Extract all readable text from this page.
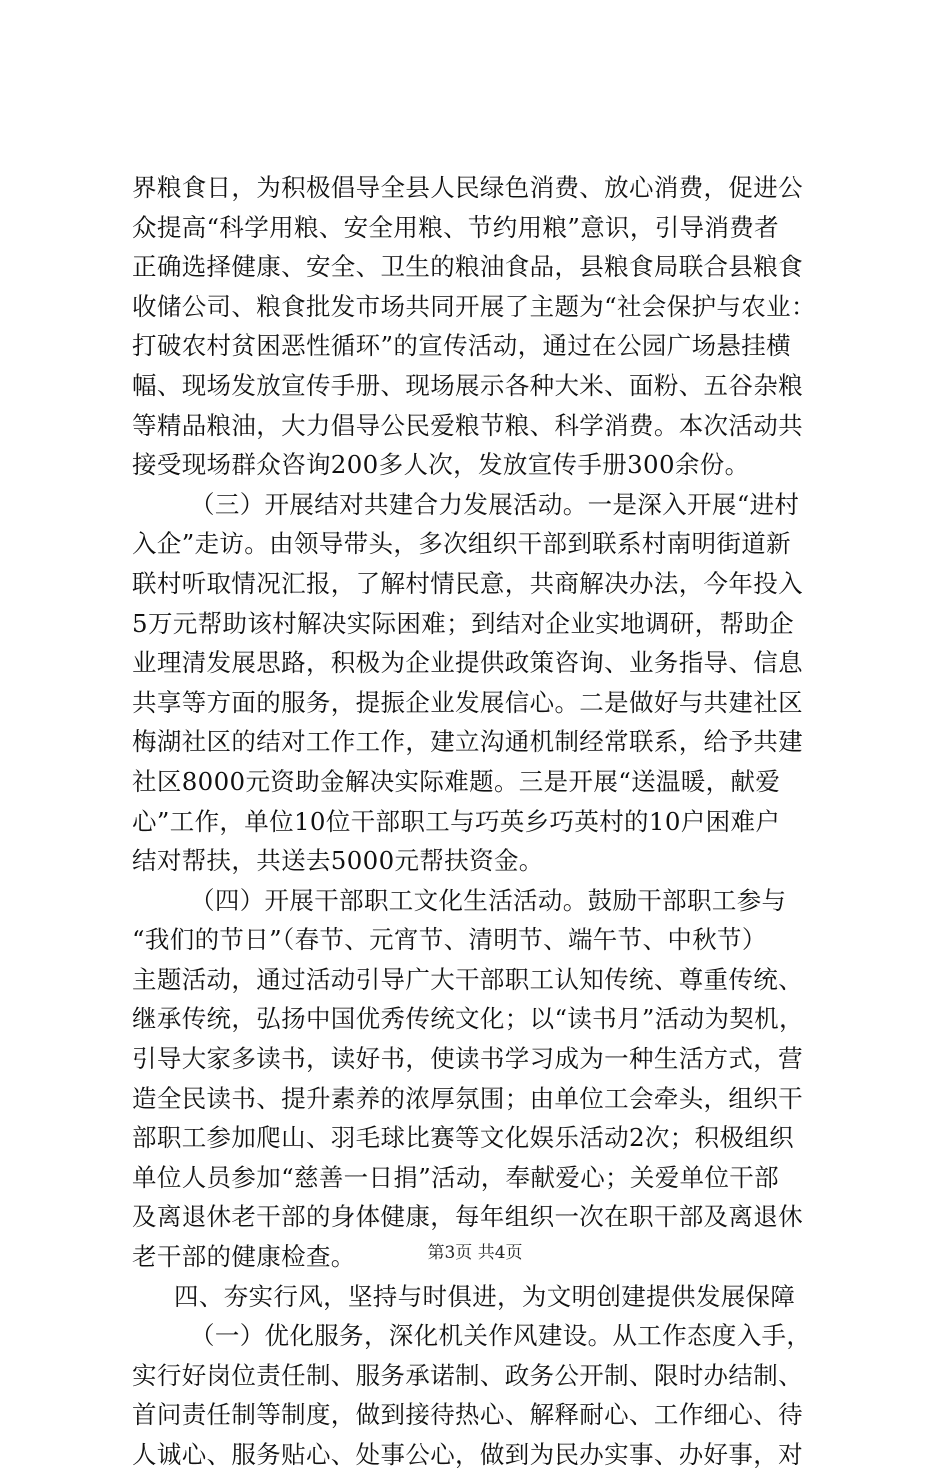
界粮食日，为积极倡导全县人民绿色消费、放心消费，促进公
众提高“科学用粮、安全用粮、节约用粮”意识，引导消费者
正确选择健康、安全、卫生的粮油食品，县粮食局联合县粮食
收储公司、粮食批发市场共同开展了主题为“社会保护与农业：
打破农村贫困恶性循环”的宣传活动，通过在公园广场悬挂横
幅、现场发放宣传手册、现场展示各种大米、面粉、五谷杂粮
等精品粮油，大力倡导公民爱粮节粮、科学消费。本次活动共
接受现场群众咨询200多人次，发放宣传手册300余份。
（三）开展结对共建合力发展活动。一是深入开展“进村
入企”走访。由领导带头，多次组织干部到联系村南明街道新
联村听取情况汇报，了解村情民意，共商解决办法，今年投入
5万元帮助该村解决实际困难；到结对企业实地调研，帮助企
业理清发展思路，积极为企业提供政策咨询、业务指导、信息
共享等方面的服务，提振企业发展信心。二是做好与共建社区
梅湖社区的结对工作工作，建立沟通机制经常联系，给予共建
社区8000元资助金解决实际难题。三是开展“送温暖，献爱
心”工作，单位10位干部职工与巧英乡巧英村的10户困难户
结对帮扶，共送去5000元帮扶资金。
（四）开展干部职工文化生活活动。鼓励干部职工参与
“我们的节日”（春节、元宵节、清明节、端午节、中秋节）
主题活动，通过活动引导广大干部职工认知传统、尊重传统、
继承传统，弘扬中国优秀传统文化；以“读书月”活动为契机，
引导大家多读书，读好书，使读书学习成为一种生活方式，营
造全民读书、提升素养的浓厚氛围；由单位工会牵头，组织干
部职工参加爬山、羽毛球比赛等文化娱乐活动2次；积极组织
单位人员参加“慈善一日捐”活动，奉献爱心；关爱单位干部
及离退休老干部的身体健康，每年组织一次在职干部及离退休
老干部的健康检查。
四、夯实行风，坚持与时俱进，为文明创建提供发展保障
（一）优化服务，深化机关作风建设。从工作态度入手，
实行好岗位责任制、服务承诺制、政务公开制、限时办结制、
首问责任制等制度，做到接待热心、解释耐心、工作细心、待
人诚心、服务贴心、处事公心，做到为民办实事、办好事，对
第3页 共4页
